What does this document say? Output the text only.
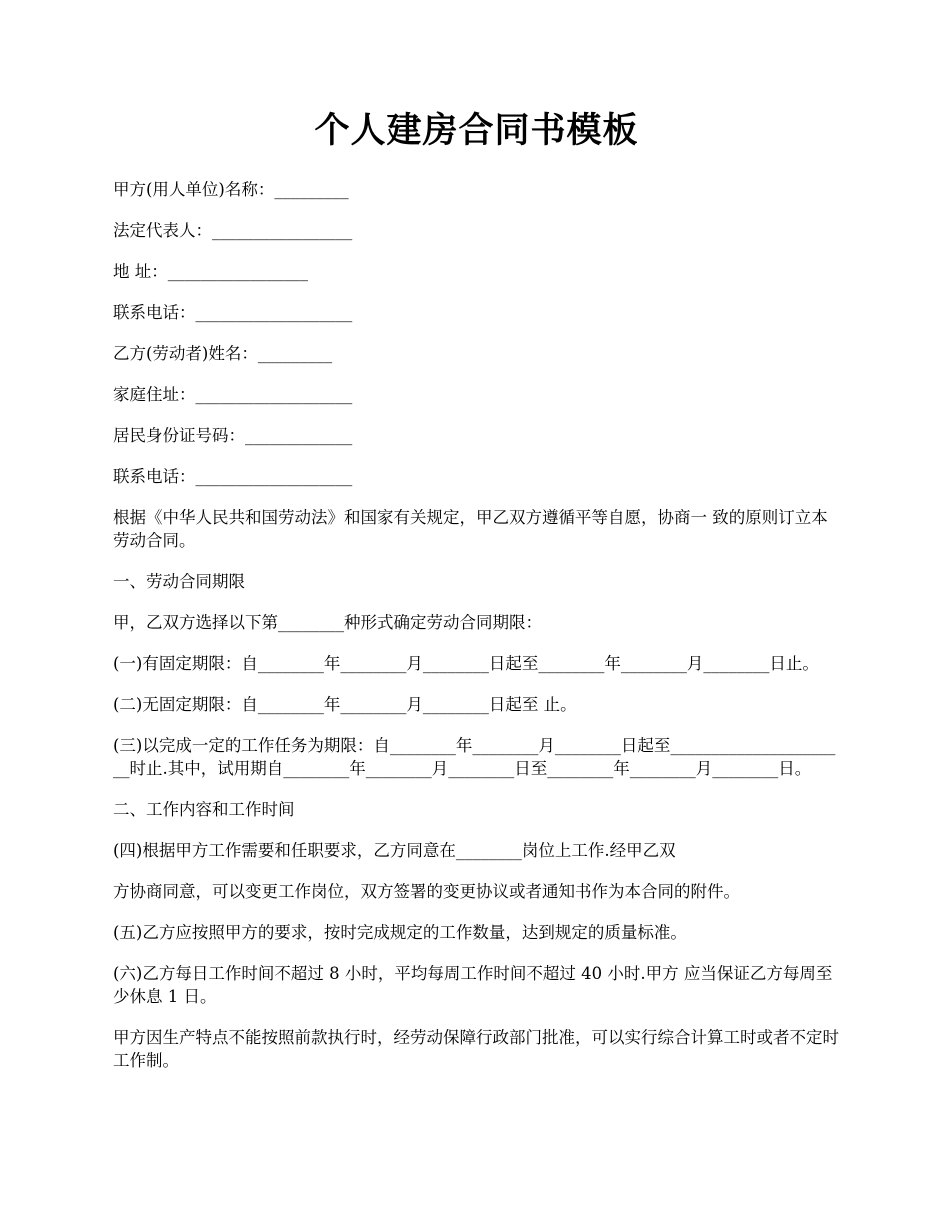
个人建房合同书模板

甲方(用人单位)名称：_________

法定代表人：_________________

地 址：_________________

联系电话：___________________

乙方(劳动者)姓名：_________

家庭住址：___________________

居民身份证号码：_____________

联系电话：___________________

根据《中华人民共和国劳动法》和国家有关规定，甲乙双方遵循平等自愿，协商一 致的原则订立本劳动合同。

一、劳动合同期限

甲，乙双方选择以下第________种形式确定劳动合同期限：

(一)有固定期限：自________年________月________日起至________年________月________日止。

(二)无固定期限：自________年________月________日起至 止。

(三)以完成一定的工作任务为期限：自________年________月________日起至______________________时止.其中，试用期自________年________月________日至________年________月________日。

二、工作内容和工作时间

(四)根据甲方工作需要和任职要求，乙方同意在________岗位上工作.经甲乙双

方协商同意，可以变更工作岗位，双方签署的变更协议或者通知书作为本合同的附件。

(五)乙方应按照甲方的要求，按时完成规定的工作数量，达到规定的质量标准。

(六)乙方每日工作时间不超过 8 小时，平均每周工作时间不超过 40 小时.甲方 应当保证乙方每周至少休息 1 日。

甲方因生产特点不能按照前款执行时，经劳动保障行政部门批准，可以实行综合计算工时或者不定时工作制。
